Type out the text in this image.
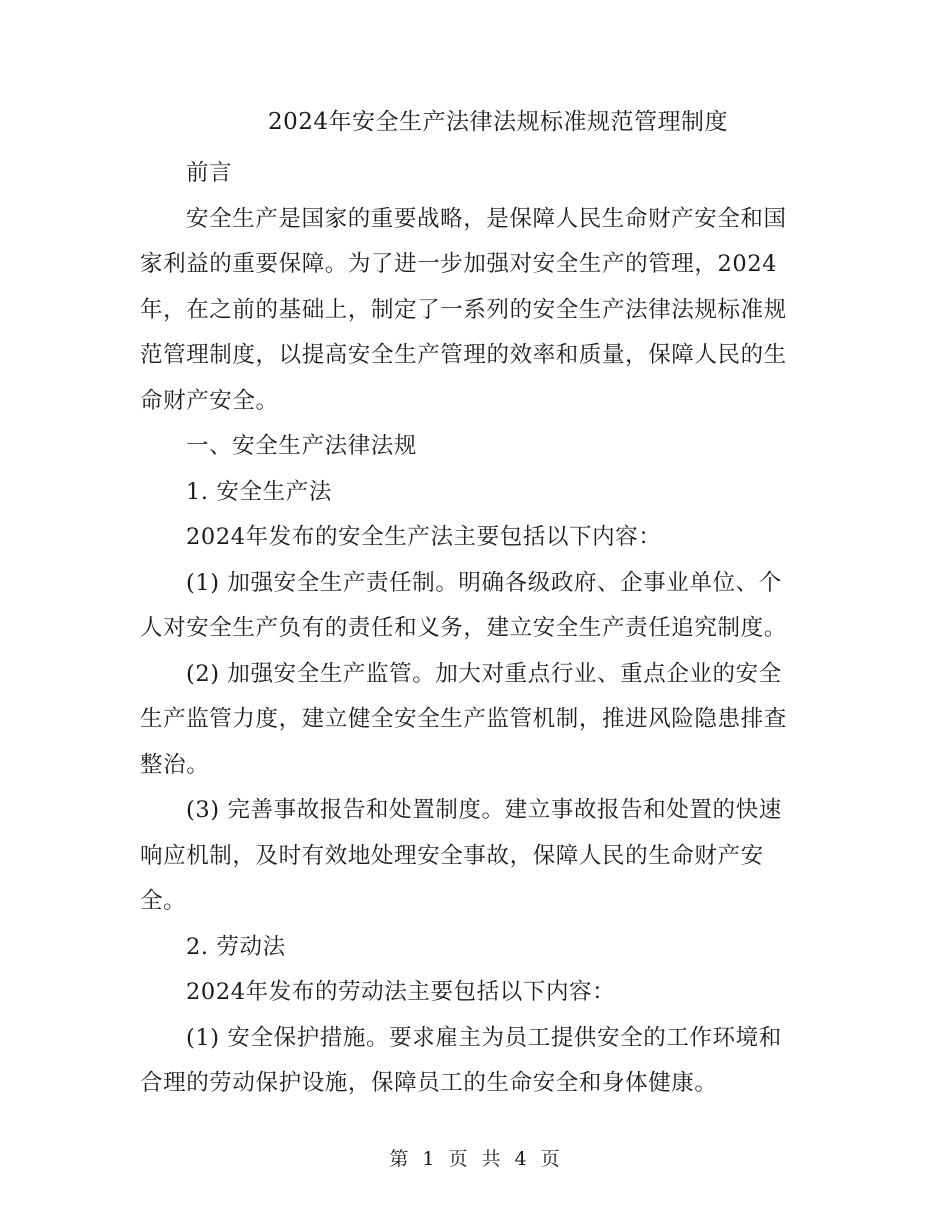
2024年安全生产法律法规标准规范管理制度

前言

安全生产是国家的重要战略，是保障人民生命财产安全和国家利益的重要保障。为了进一步加强对安全生产的管理，2024年，在之前的基础上，制定了一系列的安全生产法律法规标准规范管理制度，以提高安全生产管理的效率和质量，保障人民的生命财产安全。

一、安全生产法律法规

1. 安全生产法

2024年发布的安全生产法主要包括以下内容：

(1) 加强安全生产责任制。明确各级政府、企事业单位、个人对安全生产负有的责任和义务，建立安全生产责任追究制度。

(2) 加强安全生产监管。加大对重点行业、重点企业的安全生产监管力度，建立健全安全生产监管机制，推进风险隐患排查整治。

(3) 完善事故报告和处置制度。建立事故报告和处置的快速响应机制，及时有效地处理安全事故，保障人民的生命财产安全。

2. 劳动法

2024年发布的劳动法主要包括以下内容：

(1) 安全保护措施。要求雇主为员工提供安全的工作环境和合理的劳动保护设施，保障员工的生命安全和身体健康。

第 1 页 共 4 页
